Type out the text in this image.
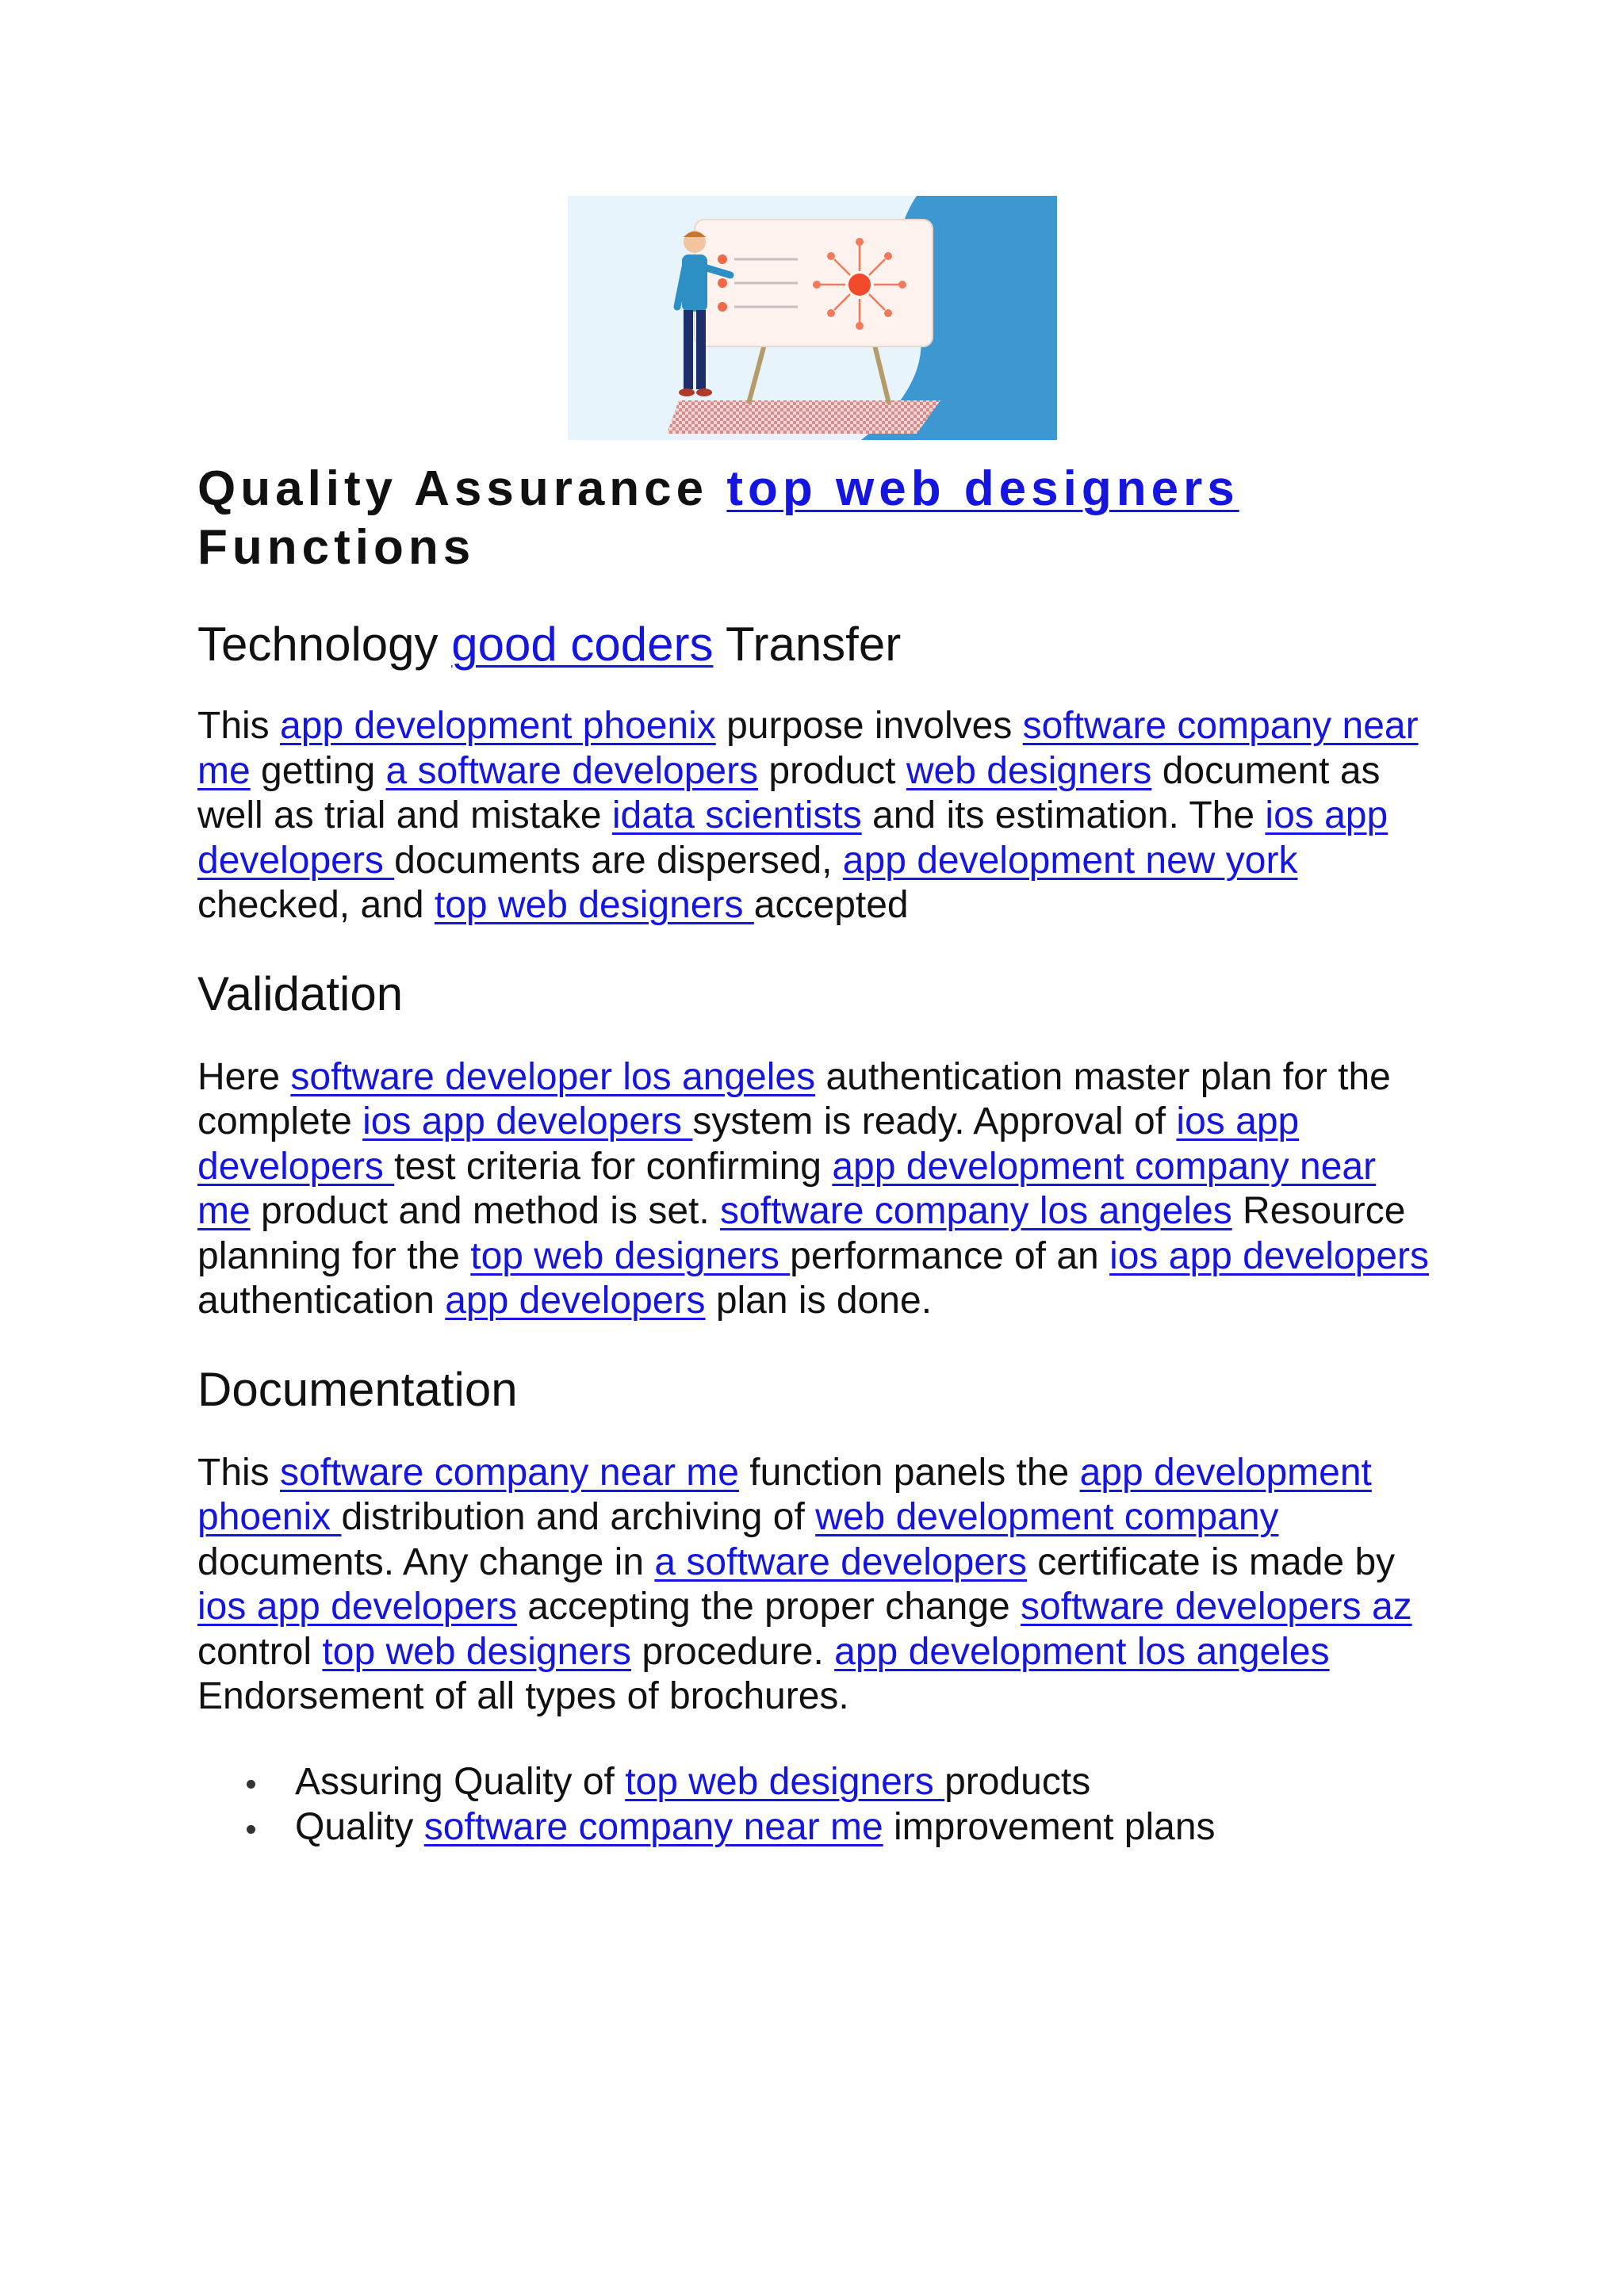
Quality Assurance top web designers
Functions
Technology good coders Transfer

This app development phoenix purpose involves software company near me getting a software developers product web designers document as well as trial and mistake idata scientists and its estimation. The ios app developers documents are dispersed, app development new york checked, and top web designers accepted

Validation

Here software developer los angeles authentication master plan for the complete ios app developers system is ready. Approval of ios app developers test criteria for confirming app development company near me product and method is set. software company los angeles Resource planning for the top web designers performance of an ios app developers authentication app developers plan is done.

Documentation

This software company near me function panels the app development phoenix distribution and archiving of web development company documents. Any change in a software developers certificate is made by ios app developers accepting the proper change software developers az control top web designers procedure. app development los angeles Endorsement of all types of brochures.

Assuring Quality of top web designers products
Quality software company near me improvement plans
